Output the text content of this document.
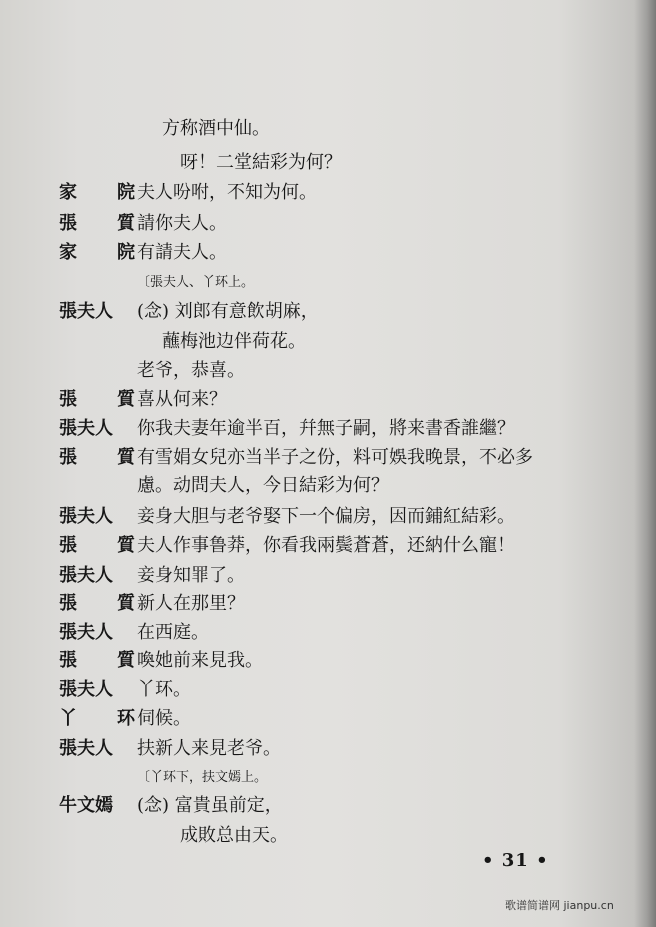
方称酒中仙。
呀！二堂結彩为何？
家 院 夫人吩咐，不知为何。
張 質 請你夫人。
家 院 有請夫人。
〔張夫人、丫环上。
張夫人	(念) 刘郎有意飲胡麻，
蘸梅池边伴荷花。
老爷，恭喜。
張 質 喜从何来？
張夫人	你我夫妻年逾半百，幷無子嗣，將来書香誰繼？
張 質 有雪娟女兒亦当半子之份，料可娛我晚景，不必多
慮。动問夫人，今日結彩为何？
張夫人	妾身大胆与老爷娶下一个偏房，因而鋪紅結彩。
張 質 夫人作事鲁莽，你看我兩鬓蒼蒼，还納什么寵！
張夫人	妾身知罪了。
張 質 新人在那里？
張夫人	在西庭。
張 質 喚她前来見我。
張夫人	丫环。
丫 环 伺候。
張夫人	扶新人来見老爷。
〔丫环下，扶文嫣上。
牛文嫣	(念) 富貴虽前定，
成敗总由天。
• 31 •
歌谱简谱网 jianpu.cn
